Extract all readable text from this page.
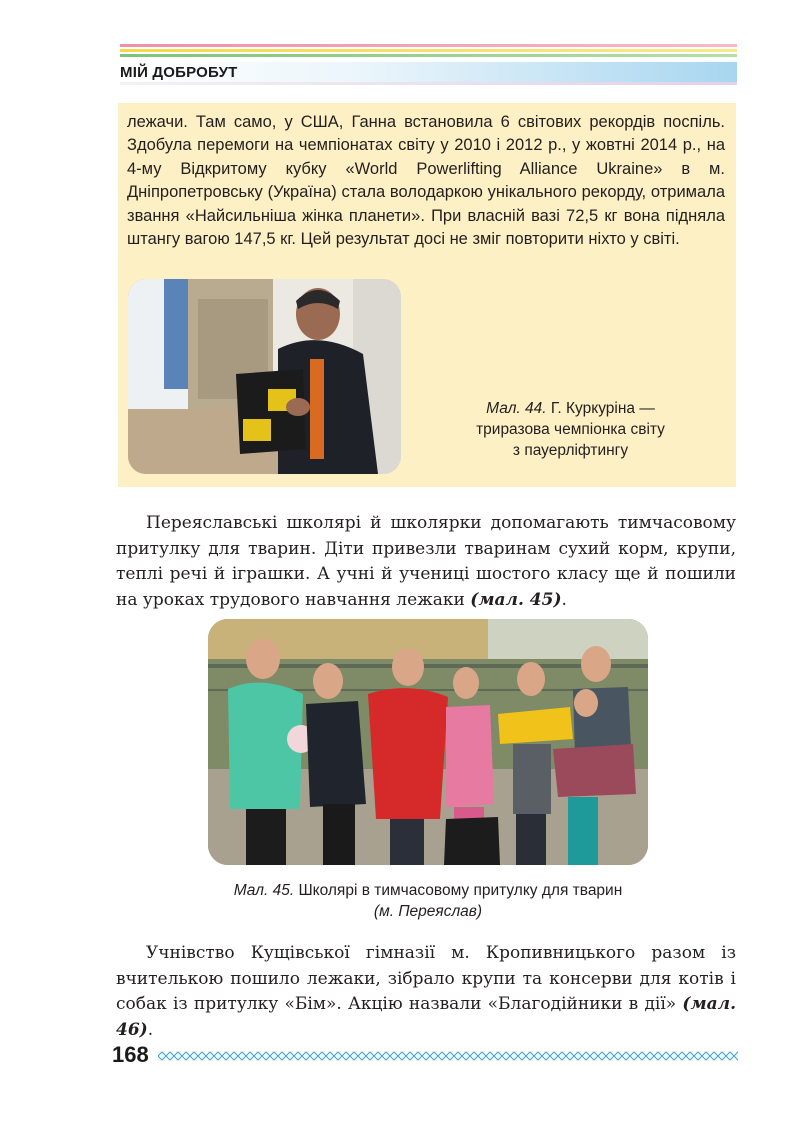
МІЙ ДОБРОБУТ
лежачи. Там само, у США, Ганна встановила 6 світових рекордів поспіль. Здобула перемоги на чемпіонатах світу у 2010 і 2012 р., у жовтні 2014 р., на 4-му Відкритому кубку «World Powerlifting Alliance Ukraine» в м. Дніпропетровську (Україна) стала володаркою унікального рекорду, отримала звання «Найсильніша жінка планети». При власній вазі 72,5 кг вона підняла штангу вагою 147,5 кг. Цей результат досі не зміг повторити ніхто у світі.
Мал. 44. Г. Куркуріна —
триразова чемпіонка світу
з пауерліфтингу
Переяславські школярі й школярки допомагають тимчасовому притулку для тварин. Діти привезли тваринам сухий корм, крупи, теплі речі й іграшки. А учні й учениці шостого класу ще й пошили на уроках трудового навчання лежаки (мал. 45).
Мал. 45. Школярі в тимчасовому притулку для тварин
(м. Переяслав)
Учнівство Кущівської гімназії м. Кропивницького разом із вчителькою пошило лежаки, зібрало крупи та консерви для котів і собак із притулку «Бім». Акцію назвали «Благодійники в дії» (мал. 46).
168
